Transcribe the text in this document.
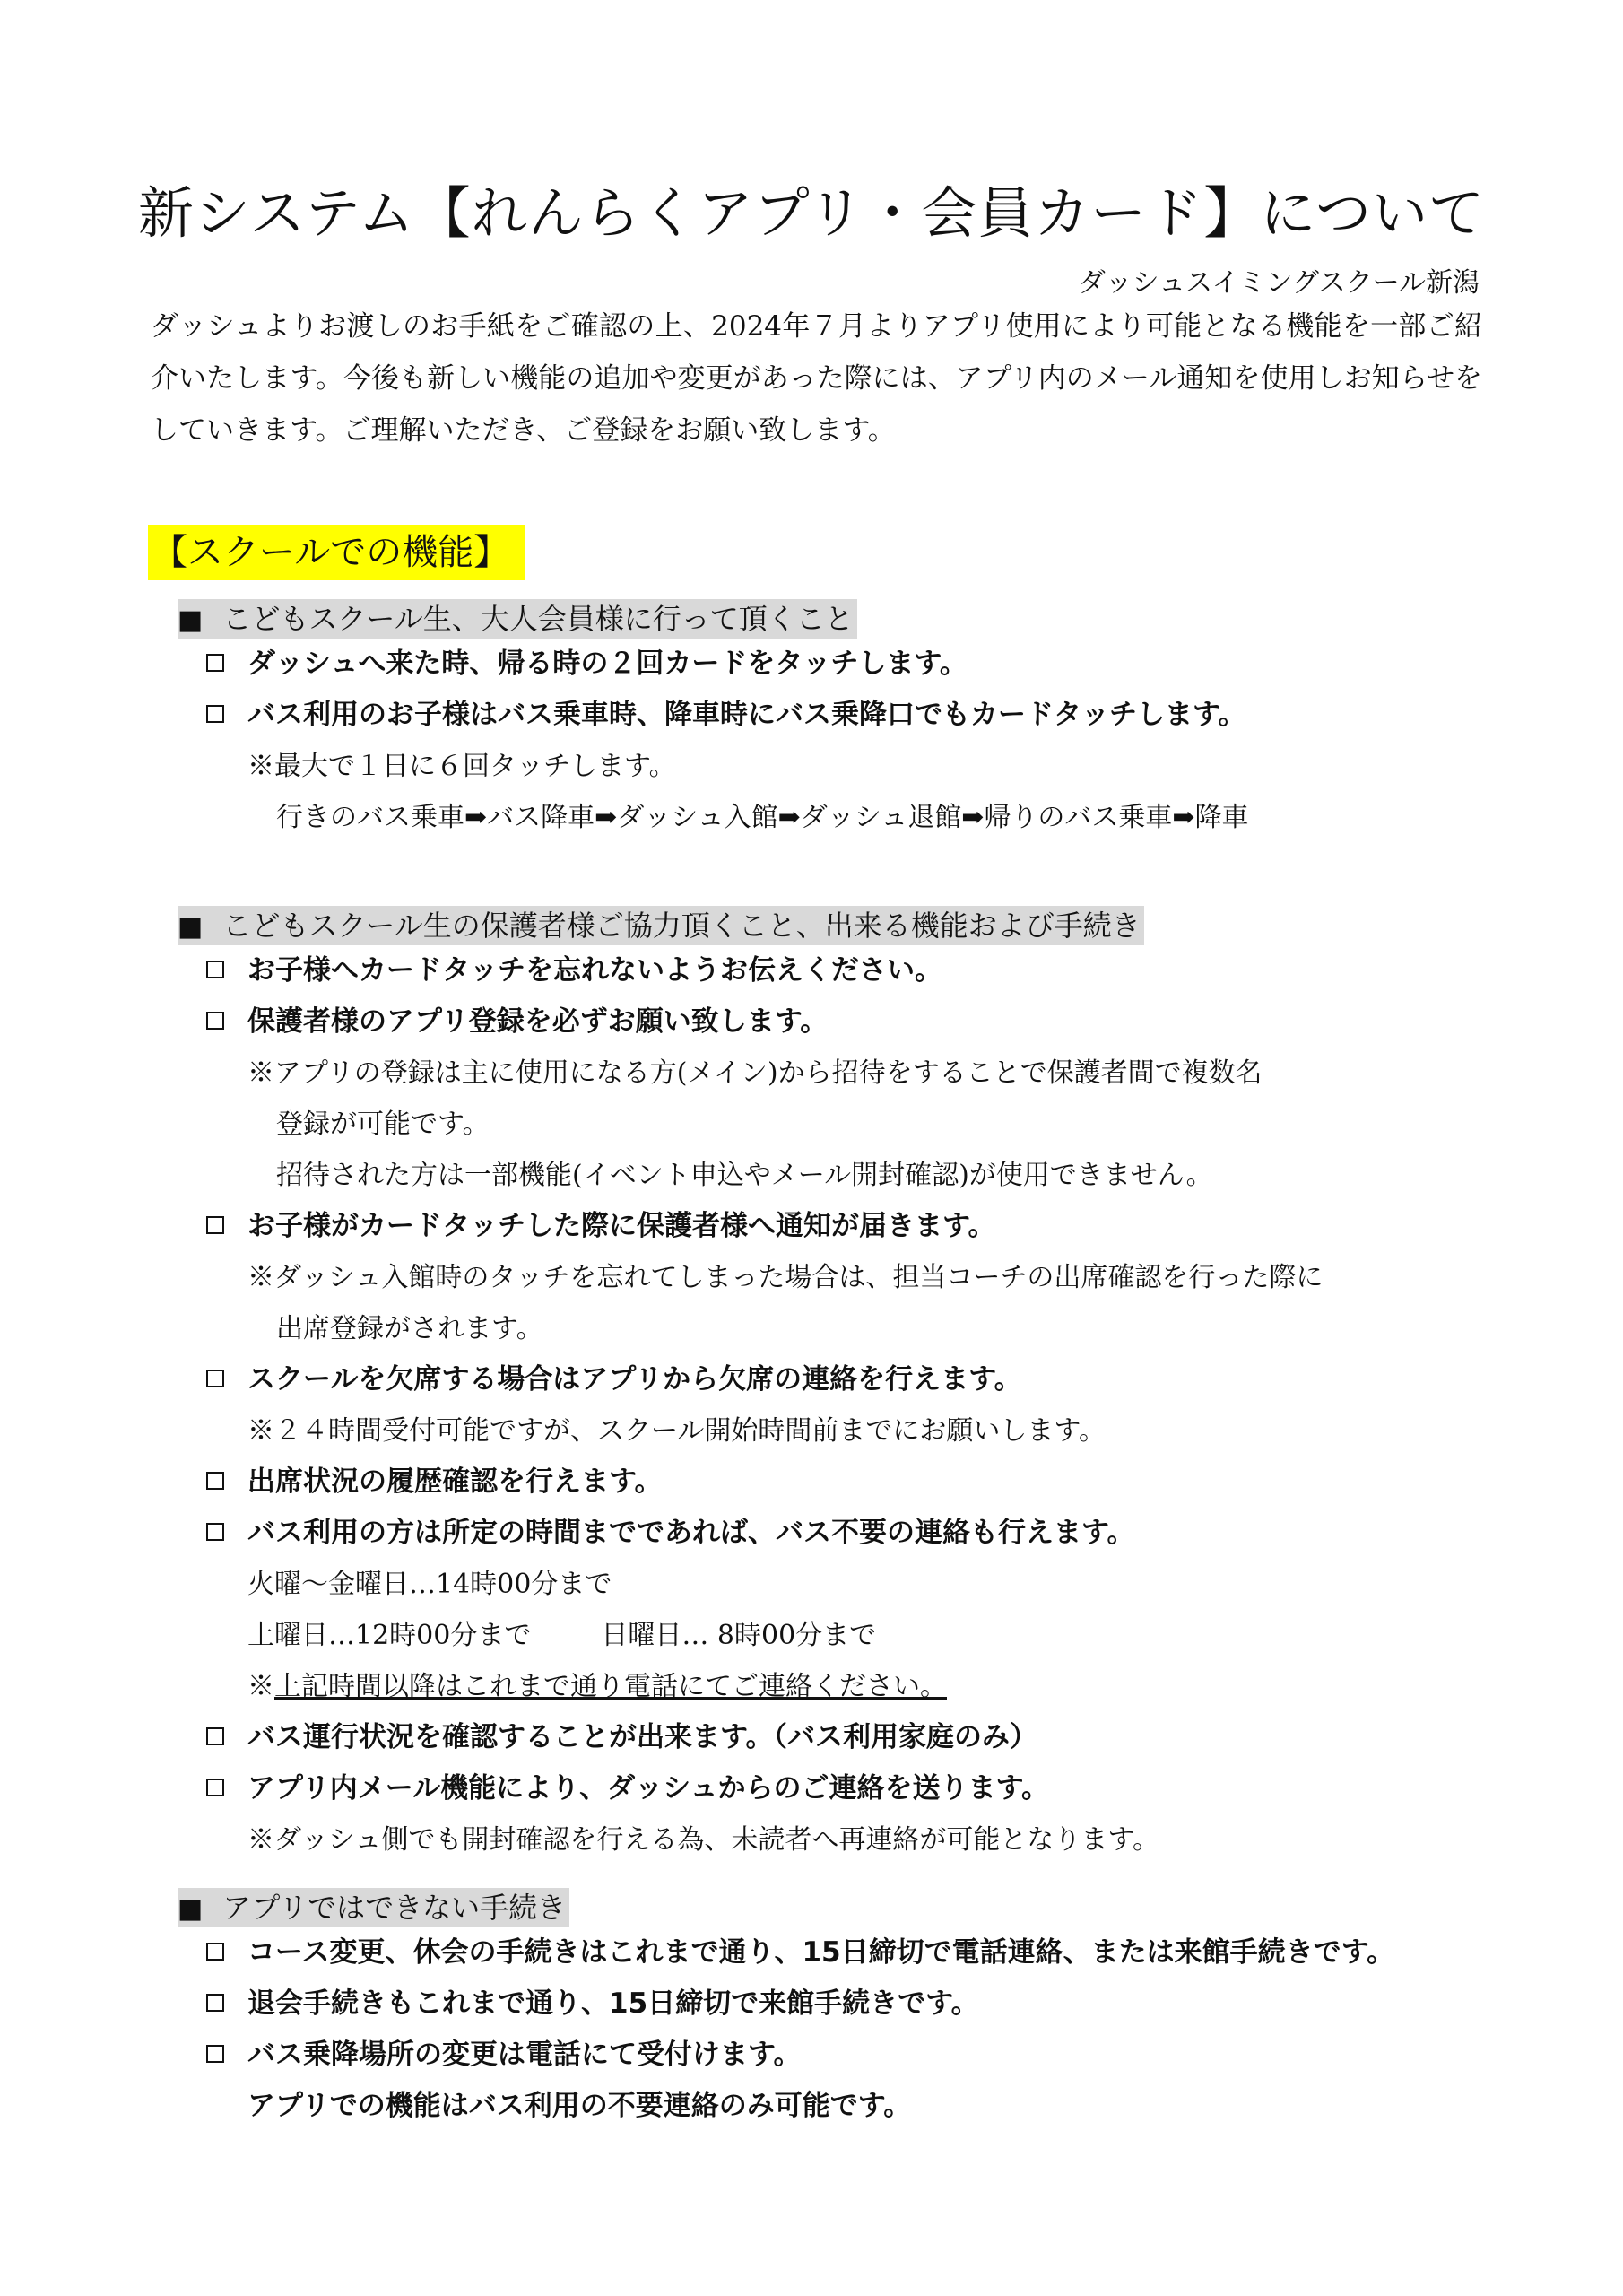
新システム【れんらくアプリ・会員カード】について
ダッシュスイミングスクール新潟

ダッシュよりお渡しのお手紙をご確認の上、2024年７月よりアプリ使用により可能となる機能を一部ご紹介いたします。今後も新しい機能の追加や変更があった際には、アプリ内のメール通知を使用しお知らせをしていきます。ご理解いただき、ご登録をお願い致します。

【スクールでの機能】
■ こどもスクール生、大人会員様に行って頂くこと
ダッシュへ来た時、帰る時の２回カードをタッチします。
バス利用のお子様はバス乗車時、降車時にバス乗降口でもカードタッチします。

※最大で１日に６回タッチします。

行きのバス乗車➡バス降車➡ダッシュ入館➡ダッシュ退館➡帰りのバス乗車➡降車

■ こどもスクール生の保護者様ご協力頂くこと、出来る機能および手続き
お子様へカードタッチを忘れないようお伝えください。
保護者様のアプリ登録を必ずお願い致します。

※アプリの登録は主に使用になる方(メイン)から招待をすることで保護者間で複数名

登録が可能です。

招待された方は一部機能(イベント申込やメール開封確認)が使用できません。

お子様がカードタッチした際に保護者様へ通知が届きます。

※ダッシュ入館時のタッチを忘れてしまった場合は、担当コーチの出席確認を行った際に

出席登録がされます。

スクールを欠席する場合はアプリから欠席の連絡を行えます。

※２４時間受付可能ですが、スクール開始時間前までにお願いします。

出席状況の履歴確認を行えます。
バス利用の方は所定の時間までであれば、バス不要の連絡も行えます。

火曜～金曜日…14時00分まで

土曜日…12時00分まで	日曜日… 8時00分まで

※上記時間以降はこれまで通り電話にてご連絡ください。

バス運行状況を確認することが出来ます。（バス利用家庭のみ）
アプリ内メール機能により、ダッシュからのご連絡を送ります。

※ダッシュ側でも開封確認を行える為、未読者へ再連絡が可能となります。

■ アプリではできない手続き
コース変更、休会の手続きはこれまで通り、15日締切で電話連絡、または来館手続きです。
退会手続きもこれまで通り、15日締切で来館手続きです。
バス乗降場所の変更は電話にて受付けます。
アプリでの機能はバス利用の不要連絡のみ可能です。
